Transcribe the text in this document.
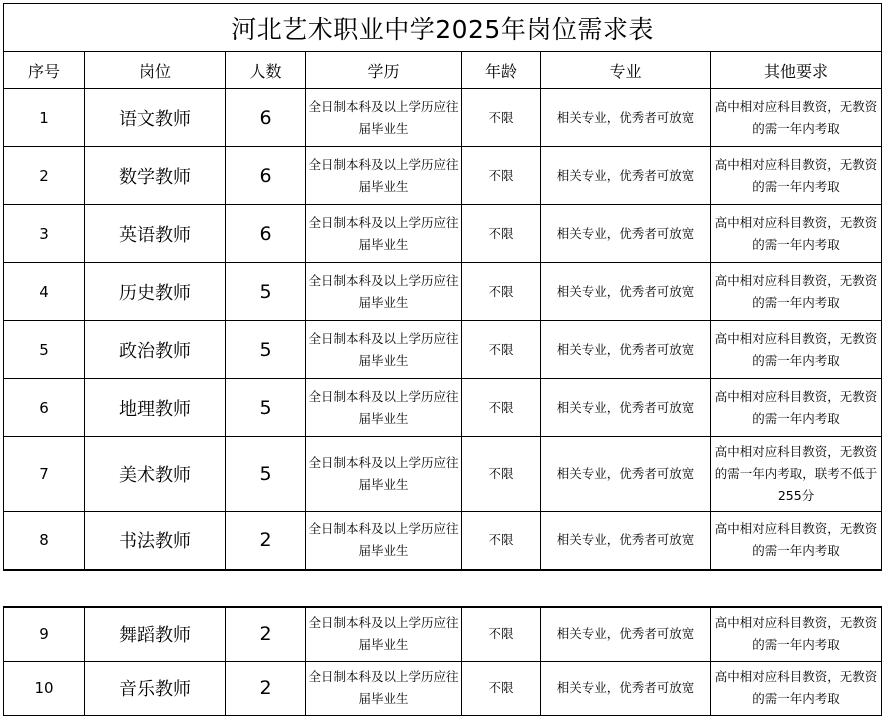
河北艺术职业中学2025年岗位需求表						
序号	岗位	人数	学历	年龄	专业	其他要求
1	语文教师	6	全日制本科及以上学历应往届毕业生	不限	相关专业，优秀者可放宽	高中相对应科目教资，无教资的需一年内考取
2	数学教师	6	全日制本科及以上学历应往届毕业生	不限	相关专业，优秀者可放宽	高中相对应科目教资，无教资的需一年内考取
3	英语教师	6	全日制本科及以上学历应往届毕业生	不限	相关专业，优秀者可放宽	高中相对应科目教资，无教资的需一年内考取
4	历史教师	5	全日制本科及以上学历应往届毕业生	不限	相关专业，优秀者可放宽	高中相对应科目教资，无教资的需一年内考取
5	政治教师	5	全日制本科及以上学历应往届毕业生	不限	相关专业，优秀者可放宽	高中相对应科目教资，无教资的需一年内考取
6	地理教师	5	全日制本科及以上学历应往届毕业生	不限	相关专业，优秀者可放宽	高中相对应科目教资，无教资的需一年内考取
7	美术教师	5	全日制本科及以上学历应往届毕业生	不限	相关专业，优秀者可放宽	高中相对应科目教资，无教资的需一年内考取，联考不低于255分
8	书法教师	2	全日制本科及以上学历应往届毕业生	不限	相关专业，优秀者可放宽	高中相对应科目教资，无教资的需一年内考取
9	舞蹈教师	2	全日制本科及以上学历应往届毕业生	不限	相关专业，优秀者可放宽	高中相对应科目教资，无教资的需一年内考取
10	音乐教师	2	全日制本科及以上学历应往届毕业生	不限	相关专业，优秀者可放宽	高中相对应科目教资，无教资的需一年内考取
